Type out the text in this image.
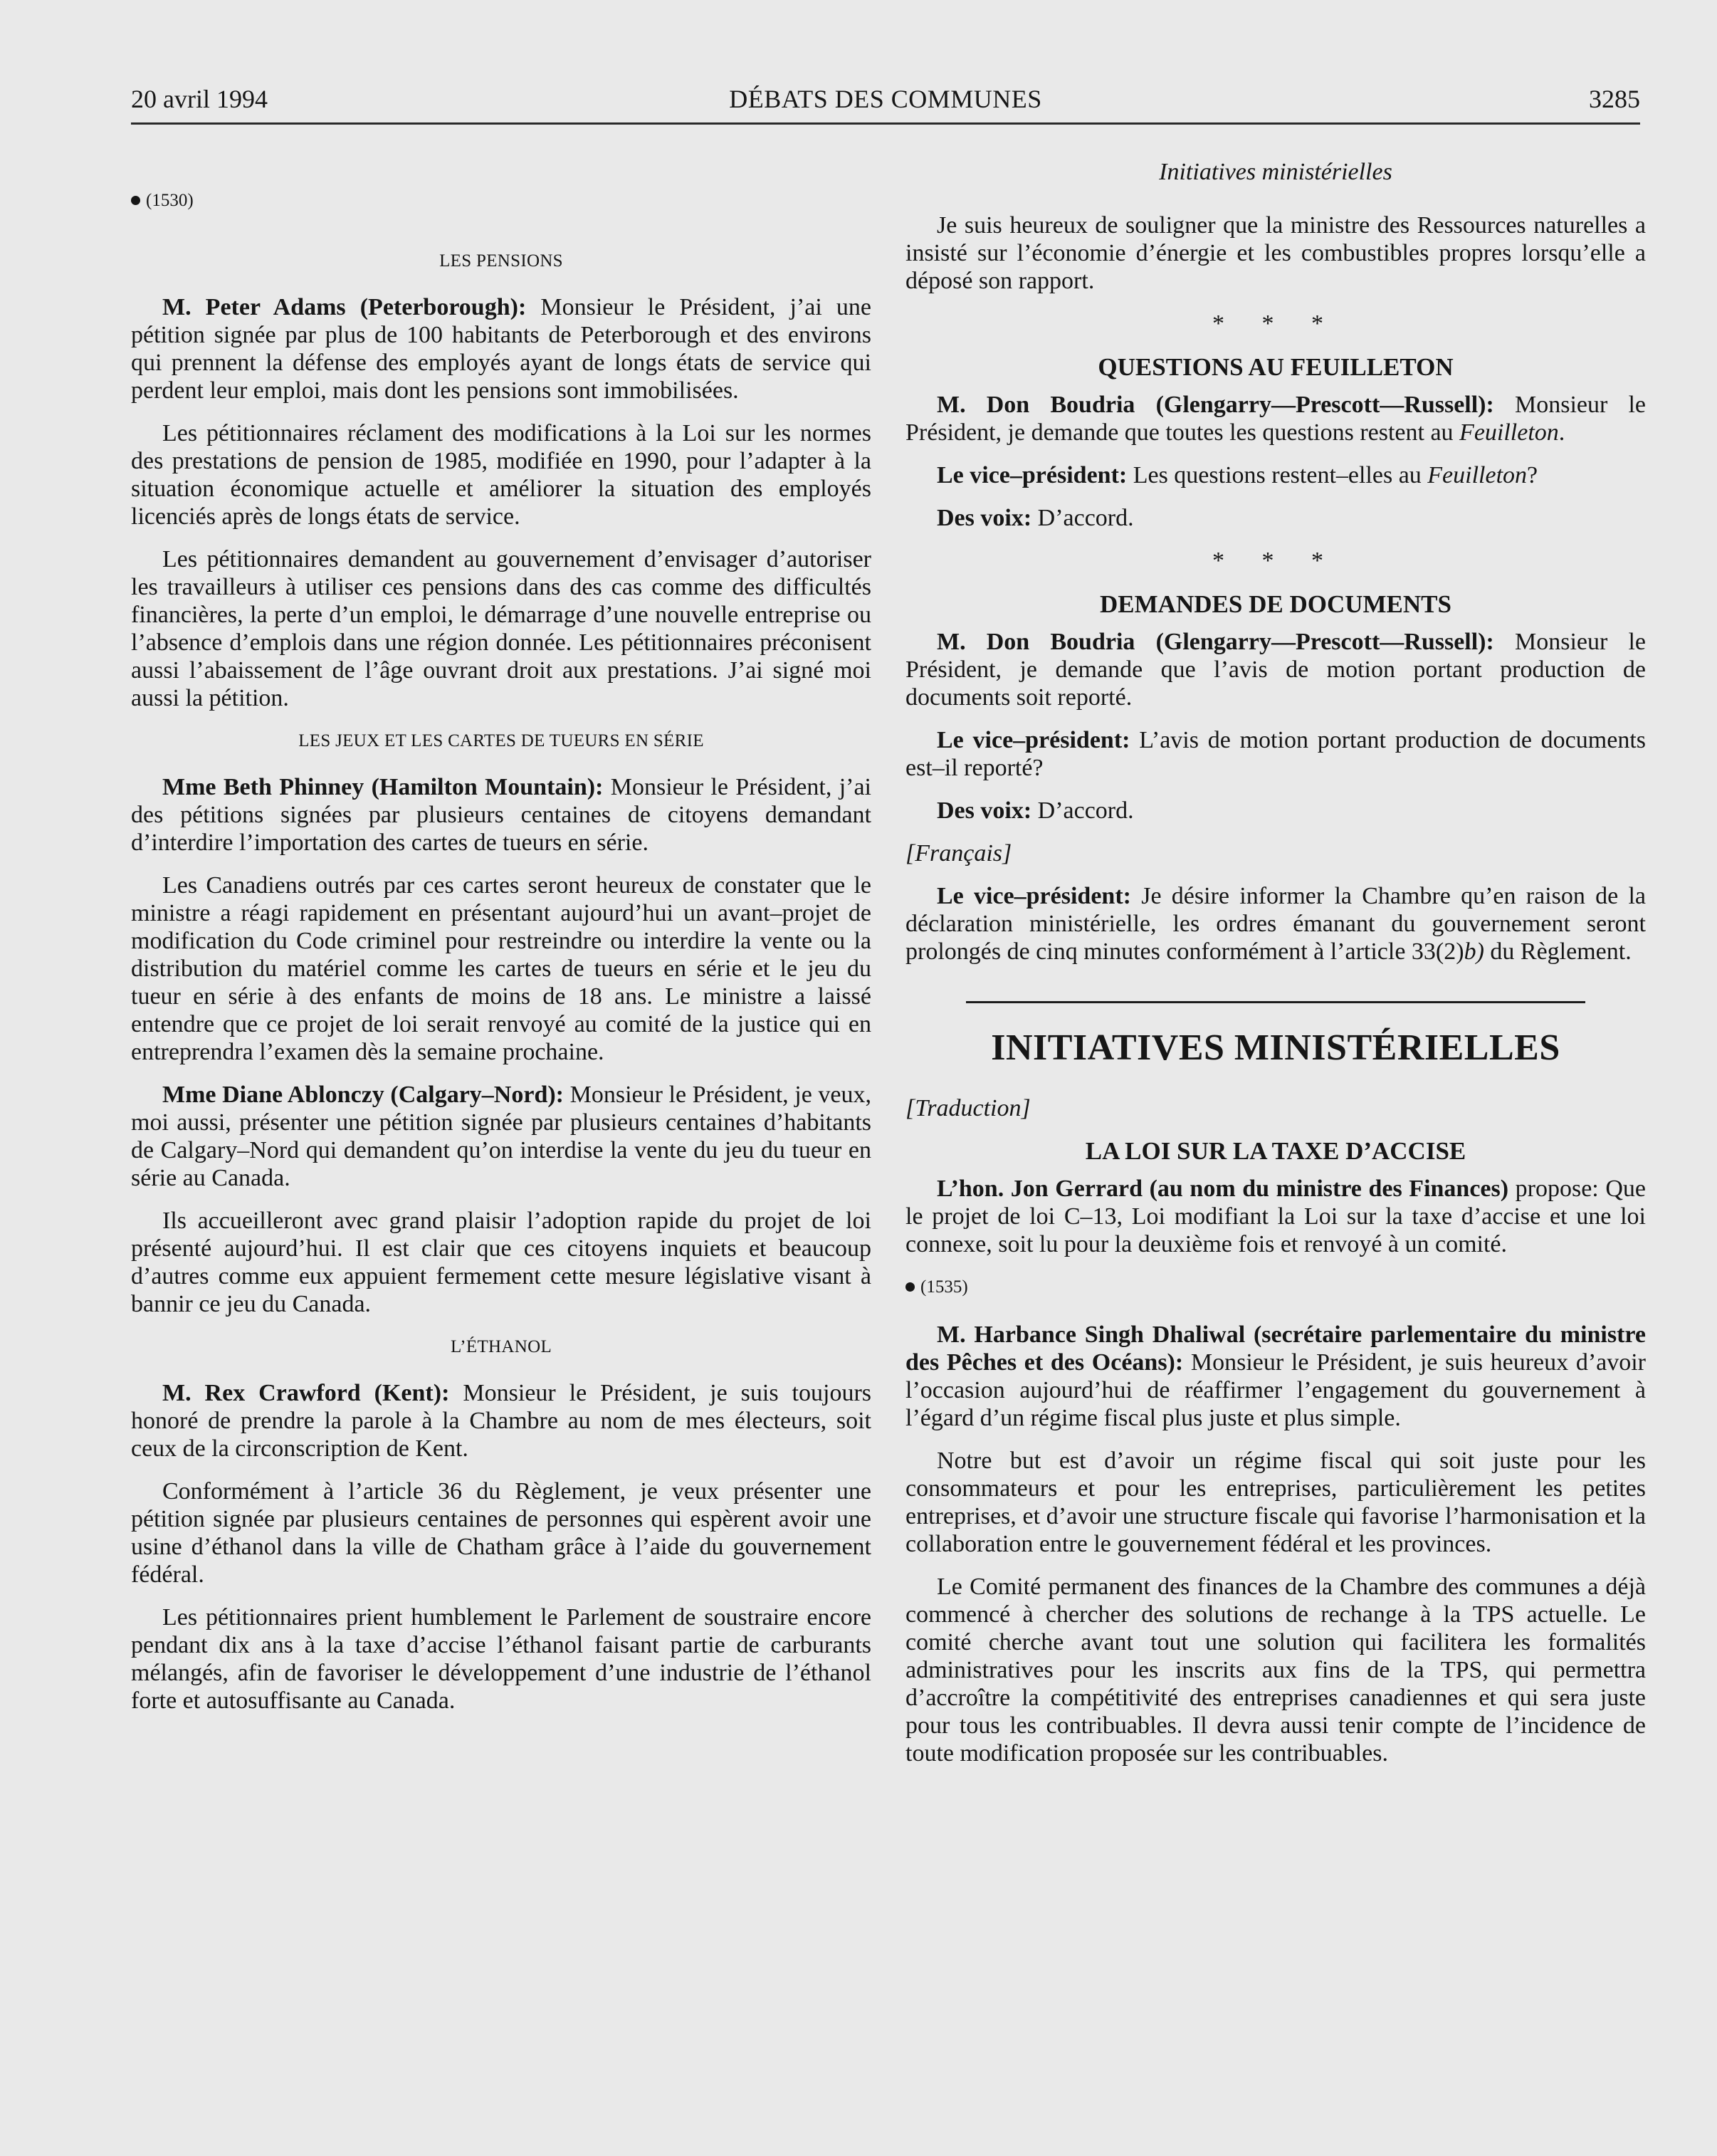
20 avril 1994	DÉBATS DES COMMUNES	3285
(1530)
LES PENSIONS

M. Peter Adams (Peterborough): Monsieur le Président, j’ai une pétition signée par plus de 100 habitants de Peterborough et des environs qui prennent la défense des employés ayant de longs états de service qui perdent leur emploi, mais dont les pensions sont immobilisées.

Les pétitionnaires réclament des modifications à la Loi sur les normes des prestations de pension de 1985, modifiée en 1990, pour l’adapter à la situation économique actuelle et améliorer la situation des employés licenciés après de longs états de service.

Les pétitionnaires demandent au gouvernement d’envisager d’autoriser les travailleurs à utiliser ces pensions dans des cas comme des difficultés financières, la perte d’un emploi, le démarrage d’une nouvelle entreprise ou l’absence d’emplois dans une région donnée. Les pétitionnaires préconisent aussi l’abaissement de l’âge ouvrant droit aux prestations. J’ai signé moi aussi la pétition.

LES JEUX ET LES CARTES DE TUEURS EN SÉRIE

Mme Beth Phinney (Hamilton Mountain): Monsieur le Président, j’ai des pétitions signées par plusieurs centaines de citoyens demandant d’interdire l’importation des cartes de tueurs en série.

Les Canadiens outrés par ces cartes seront heureux de constater que le ministre a réagi rapidement en présentant aujourd’hui un avant–projet de modification du Code criminel pour restreindre ou interdire la vente ou la distribution du matériel comme les cartes de tueurs en série et le jeu du tueur en série à des enfants de moins de 18 ans. Le ministre a laissé entendre que ce projet de loi serait renvoyé au comité de la justice qui en entreprendra l’examen dès la semaine prochaine.

Mme Diane Ablonczy (Calgary–Nord): Monsieur le Président, je veux, moi aussi, présenter une pétition signée par plusieurs centaines d’habitants de Calgary–Nord qui demandent qu’on interdise la vente du jeu du tueur en série au Canada.

Ils accueilleront avec grand plaisir l’adoption rapide du projet de loi présenté aujourd’hui. Il est clair que ces citoyens inquiets et beaucoup d’autres comme eux appuient fermement cette mesure législative visant à bannir ce jeu du Canada.

L’ÉTHANOL

M. Rex Crawford (Kent): Monsieur le Président, je suis toujours honoré de prendre la parole à la Chambre au nom de mes électeurs, soit ceux de la circonscription de Kent.

Conformément à l’article 36 du Règlement, je veux présenter une pétition signée par plusieurs centaines de personnes qui espèrent avoir une usine d’éthanol dans la ville de Chatham grâce à l’aide du gouvernement fédéral.

Les pétitionnaires prient humblement le Parlement de soustraire encore pendant dix ans à la taxe d’accise l’éthanol faisant partie de carburants mélangés, afin de favoriser le développement d’une industrie de l’éthanol forte et autosuffisante au Canada.

Initiatives ministérielles

Je suis heureux de souligner que la ministre des Ressources naturelles a insisté sur l’économie d’énergie et les combustibles propres lorsqu’elle a déposé son rapport.

* * *
QUESTIONS AU FEUILLETON

M. Don Boudria (Glengarry—Prescott—Russell): Monsieur le Président, je demande que toutes les questions restent au Feuilleton.

Le vice–président: Les questions restent–elles au Feuilleton?

Des voix: D’accord.

* * *
DEMANDES DE DOCUMENTS

M. Don Boudria (Glengarry—Prescott—Russell): Monsieur le Président, je demande que l’avis de motion portant production de documents soit reporté.

Le vice–président: L’avis de motion portant production de documents est–il reporté?

Des voix: D’accord.

[Français]

Le vice–président: Je désire informer la Chambre qu’en raison de la déclaration ministérielle, les ordres émanant du gouvernement seront prolongés de cinq minutes conformément à l’article 33(2)b) du Règlement.

INITIATIVES MINISTÉRIELLES

[Traduction]

LA LOI SUR LA TAXE D’ACCISE

L’hon. Jon Gerrard (au nom du ministre des Finances) propose: Que le projet de loi C–13, Loi modifiant la Loi sur la taxe d’accise et une loi connexe, soit lu pour la deuxième fois et renvoyé à un comité.

(1535)

M. Harbance Singh Dhaliwal (secrétaire parlementaire du ministre des Pêches et des Océans): Monsieur le Président, je suis heureux d’avoir l’occasion aujourd’hui de réaffirmer l’engagement du gouvernement à l’égard d’un régime fiscal plus juste et plus simple.

Notre but est d’avoir un régime fiscal qui soit juste pour les consommateurs et pour les entreprises, particulièrement les petites entreprises, et d’avoir une structure fiscale qui favorise l’harmonisation et la collaboration entre le gouvernement fédéral et les provinces.

Le Comité permanent des finances de la Chambre des communes a déjà commencé à chercher des solutions de rechange à la TPS actuelle. Le comité cherche avant tout une solution qui facilitera les formalités administratives pour les inscrits aux fins de la TPS, qui permettra d’accroître la compétitivité des entreprises canadiennes et qui sera juste pour tous les contribuables. Il devra aussi tenir compte de l’incidence de toute modification proposée sur les contribuables.
